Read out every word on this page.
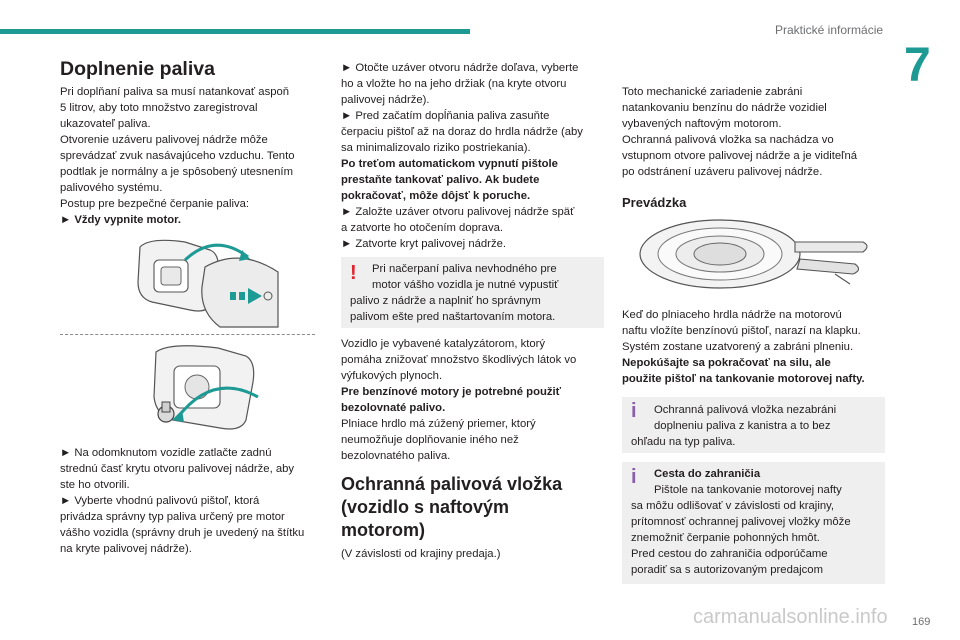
Praktické informácie
7
Doplnenie paliva
Pri doplňaní paliva sa musí natankovať aspoň
5 litrov, aby toto množstvo zaregistroval
ukazovateľ paliva.
Otvorenie uzáveru palivovej nádrže môže
sprevádzať zvuk nasávajúceho vzduchu. Tento
podtlak je normálny a je spôsobený utesnením
palivového systému.
Postup pre bezpečné čerpanie paliva:
► Vždy vypnite motor.
► Na odomknutom vozidle zatlačte zadnú
strednú časť krytu otvoru palivovej nádrže, aby
ste ho otvorili.
► Vyberte vhodnú palivovú pištoľ, ktorá
privádza správny typ paliva určený pre motor
vášho vozidla (správny druh je uvedený na štítku
na kryte palivovej nádrže).
► Otočte uzáver otvoru nádrže doľava, vyberte
ho a vložte ho na jeho držiak (na kryte otvoru
palivovej nádrže).
► Pred začatím dopĺňania paliva zasuňte
čerpaciu pištoľ až na doraz do hrdla nádrže (aby
sa minimalizovalo riziko postriekania).
Po treťom automatickom vypnutí pištole
prestaňte tankovať palivo. Ak budete
pokračovať, môže dôjsť k poruche.
► Založte uzáver otvoru palivovej nádrže späť
a zatvorte ho otočením doprava.
► Zatvorte kryt palivovej nádrže.
! Pri načerpaní paliva nevhodného pre
motor vášho vozidla je nutné vypustiť
palivo z nádrže a naplniť ho správnym
palivom ešte pred naštartovaním motora.
Vozidlo je vybavené katalyzátorom, ktorý
pomáha znižovať množstvo škodlivých látok vo
výfukových plynoch.
Pre benzínové motory je potrebné použiť
bezolovnaté palivo.
Plniace hrdlo má zúžený priemer, ktorý
neumožňuje doplňovanie iného než
bezolovnatého paliva.
Ochranná palivová vložka
(vozidlo s naftovým
motorom)
(V závislosti od krajiny predaja.)
Toto mechanické zariadenie zabráni
natankovaniu benzínu do nádrže vozidiel
vybavených naftovým motorom.
Ochranná palivová vložka sa nachádza vo
vstupnom otvore palivovej nádrže a je viditeľná
po odstránení uzáveru palivovej nádrže.
Prevádzka
Keď do plniaceho hrdla nádrže na motorovú
naftu vložíte benzínovú pištoľ, narazí na klapku.
Systém zostane uzatvorený a zabráni plneniu.
Nepokúšajte sa pokračovať na silu, ale
použite pištoľ na tankovanie motorovej nafty.
i Ochranná palivová vložka nezabráni
doplneniu paliva z kanistra a to bez
ohľadu na typ paliva.
i Cesta do zahraničia
Pištole na tankovanie motorovej nafty
sa môžu odlišovať v závislosti od krajiny,
prítomnosť ochrannej palivovej vložky môže
znemožniť čerpanie pohonných hmôt.
Pred cestou do zahraničia odporúčame
poradiť sa s autorizovaným predajcom
carmanualsonline.info 169
